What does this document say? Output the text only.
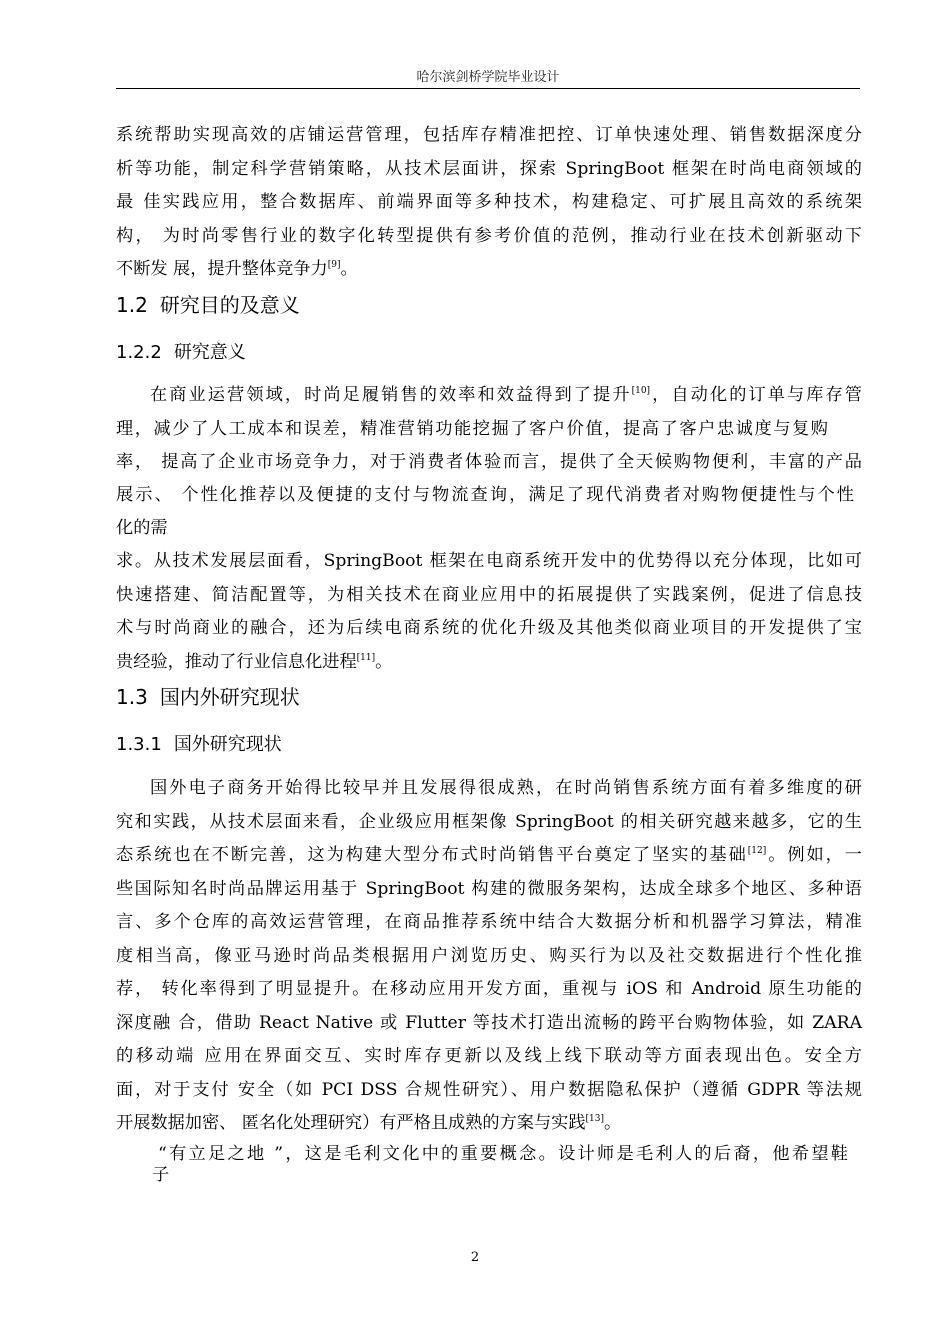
哈尔滨剑桥学院毕业设计
系统帮助实现高效的店铺运营管理，包括库存精准把控、订单快速处理、销售数据深度分
析等功能，制定科学营销策略，从技术层面讲，探索 SpringBoot 框架在时尚电商领域的
最 佳实践应用，整合数据库、前端界面等多种技术，构建稳定、可扩展且高效的系统架
构， 为时尚零售行业的数字化转型提供有参考价值的范例，推动行业在技术创新驱动下
不断发 展，提升整体竞争力[9]。
1.2 研究目的及意义
1.2.2 研究意义
在商业运营领域，时尚足履销售的效率和效益得到了提升[10]，自动化的订单与库存管
理，减少了人工成本和误差，精准营销功能挖掘了客户价值，提高了客户忠诚度与复购
率， 提高了企业市场竞争力，对于消费者体验而言，提供了全天候购物便利，丰富的产品
展示、 个性化推荐以及便捷的支付与物流查询，满足了现代消费者对购物便捷性与个性
化的需
求。从技术发展层面看，SpringBoot 框架在电商系统开发中的优势得以充分体现，比如可
快速搭建、简洁配置等，为相关技术在商业应用中的拓展提供了实践案例，促进了信息技
术与时尚商业的融合，还为后续电商系统的优化升级及其他类似商业项目的开发提供了宝
贵经验，推动了行业信息化进程[11]。
1.3 国内外研究现状
1.3.1 国外研究现状
国外电子商务开始得比较早并且发展得很成熟，在时尚销售系统方面有着多维度的研
究和实践，从技术层面来看，企业级应用框架像 SpringBoot 的相关研究越来越多，它的生
态系统也在不断完善，这为构建大型分布式时尚销售平台奠定了坚实的基础[12]。例如，一
些国际知名时尚品牌运用基于 SpringBoot 构建的微服务架构，达成全球多个地区、多种语
言、多个仓库的高效运营管理，在商品推荐系统中结合大数据分析和机器学习算法，精准
度相当高，像亚马逊时尚品类根据用户浏览历史、购买行为以及社交数据进行个性化推
荐， 转化率得到了明显提升。在移动应用开发方面，重视与 iOS 和 Android 原生功能的
深度融 合，借助 React Native 或 Flutter 等技术打造出流畅的跨平台购物体验，如 ZARA
的移动端 应用在界面交互、实时库存更新以及线上线下联动等方面表现出色。安全方
面，对于支付 安全（如 PCI DSS 合规性研究）、用户数据隐私保护（遵循 GDPR 等法规
开展数据加密、 匿名化处理研究）有严格且成熟的方案与实践[13]。
“有立足之地 ”，这是毛利文化中的重要概念。设计师是毛利人的后裔，他希望鞋
子
2
